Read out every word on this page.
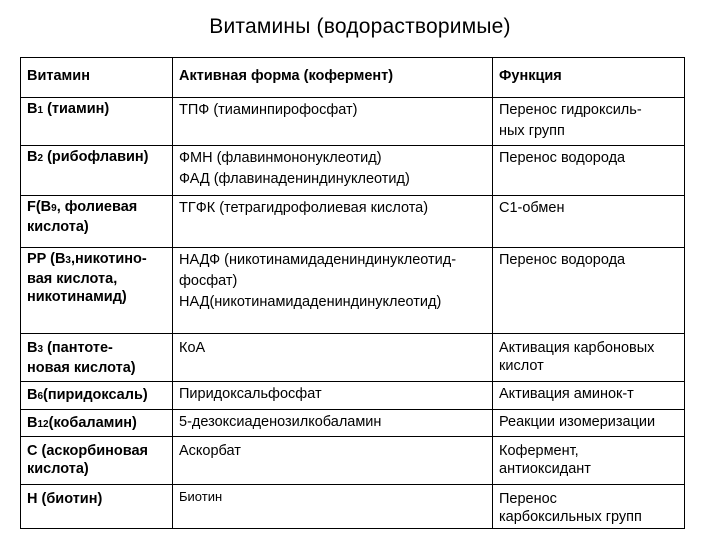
Витамины (водорастворимые)
Витамин	Активная форма (кофермент)	Функция

B1 (тиамин)	ТПФ (тиаминпирофосфат)	Перенос гидроксиль-
ных групп

B2 (рибофлавин)	ФМН (флавинмононуклеотид)
ФАД (флавинадениндинуклеотид)	Перенос водорода

F(B9, фолиевая
кислота)	ТГФК (тетрагидрофолиевая кислота)	C1-обмен

PP (B3,никотино-
вая кислота,
никотинамид)	НАДФ (никотинамидадениндинуклеотид-
фосфат)
НАД(никотинамидадениндинуклеотид)	Перенос водорода

B3 (пантоте-
новая кислота)	КоA	Активация карбоновых
кислот

B6(пиридоксаль)	Пиридоксальфосфат	Активация аминок-т

B12(кобаламин)	5-дезоксиаденозилкобаламин	Реакции изомеризации

C (аскорбиновая
кислота)	Аскорбат	Кофермент,
антиоксидант

H (биотин)	Биотин	Перенос
карбоксильных групп
